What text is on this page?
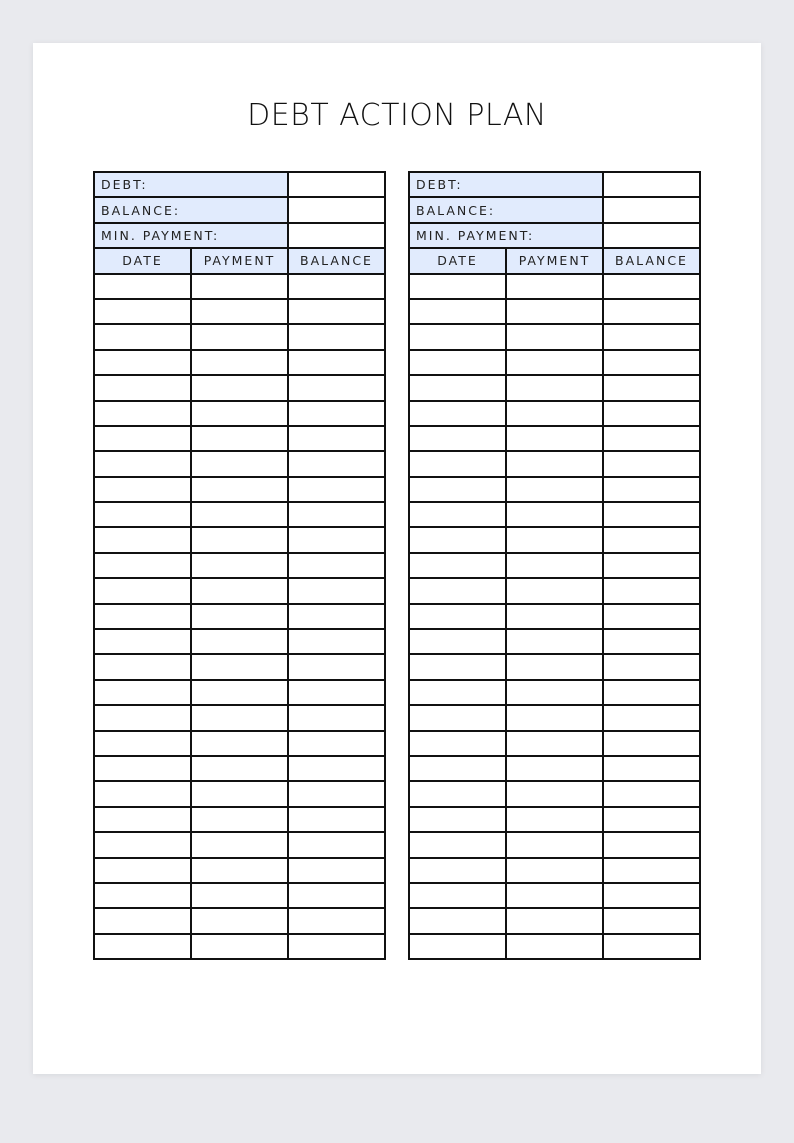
DEBT ACTION PLAN
DEBT:		
BALANCE:		
MIN. PAYMENT:		
DATE	PAYMENT	BALANCE

DEBT:		
BALANCE:		
MIN. PAYMENT:		
DATE	PAYMENT	BALANCE
